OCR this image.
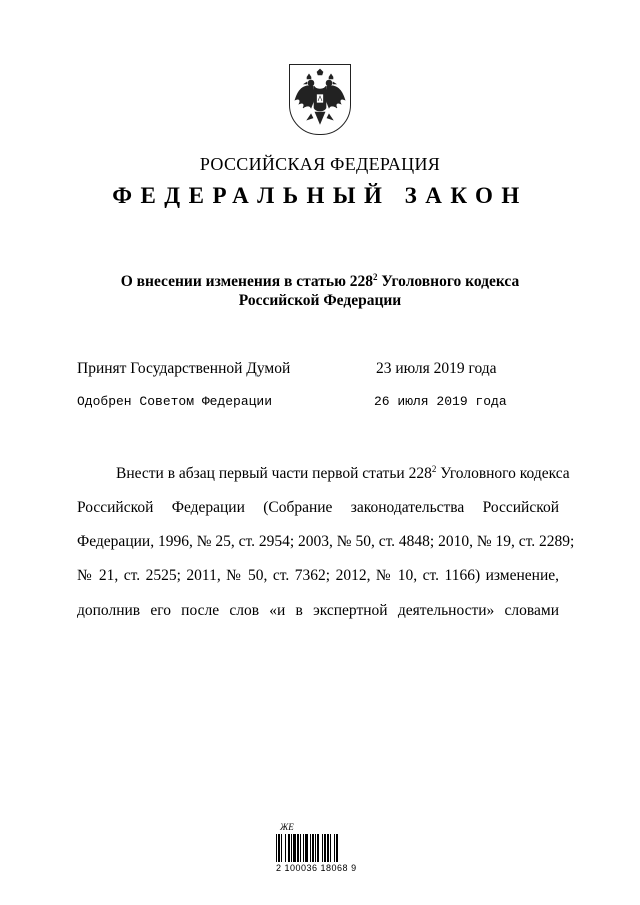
РОССИЙСКАЯ ФЕДЕРАЦИЯ
ФЕДЕРАЛЬНЫЙ ЗАКОН
О внесении изменения в статью $228^2$ Уголовного кодекса
Российской Федерации
Принят Государственной Думой	23 июля 2019 года
Одобрен Советом Федерации	26 июля 2019 года
Внести в абзац первый части первой статьи $228^2$ Уголовного кодекса
Российской Федерации (Собрание законодательства Российской
Федерации, 1996, № 25, ст. 2954; 2003, № 50, ст. 4848; 2010, № 19, ст. 2289;
№ 21, ст. 2525; 2011, № 50, ст. 7362; 2012, № 10, ст. 1166) изменение,
дополнив его после слов «и в экспертной деятельности» словами
ЖЕ
2 100036 18068 9
